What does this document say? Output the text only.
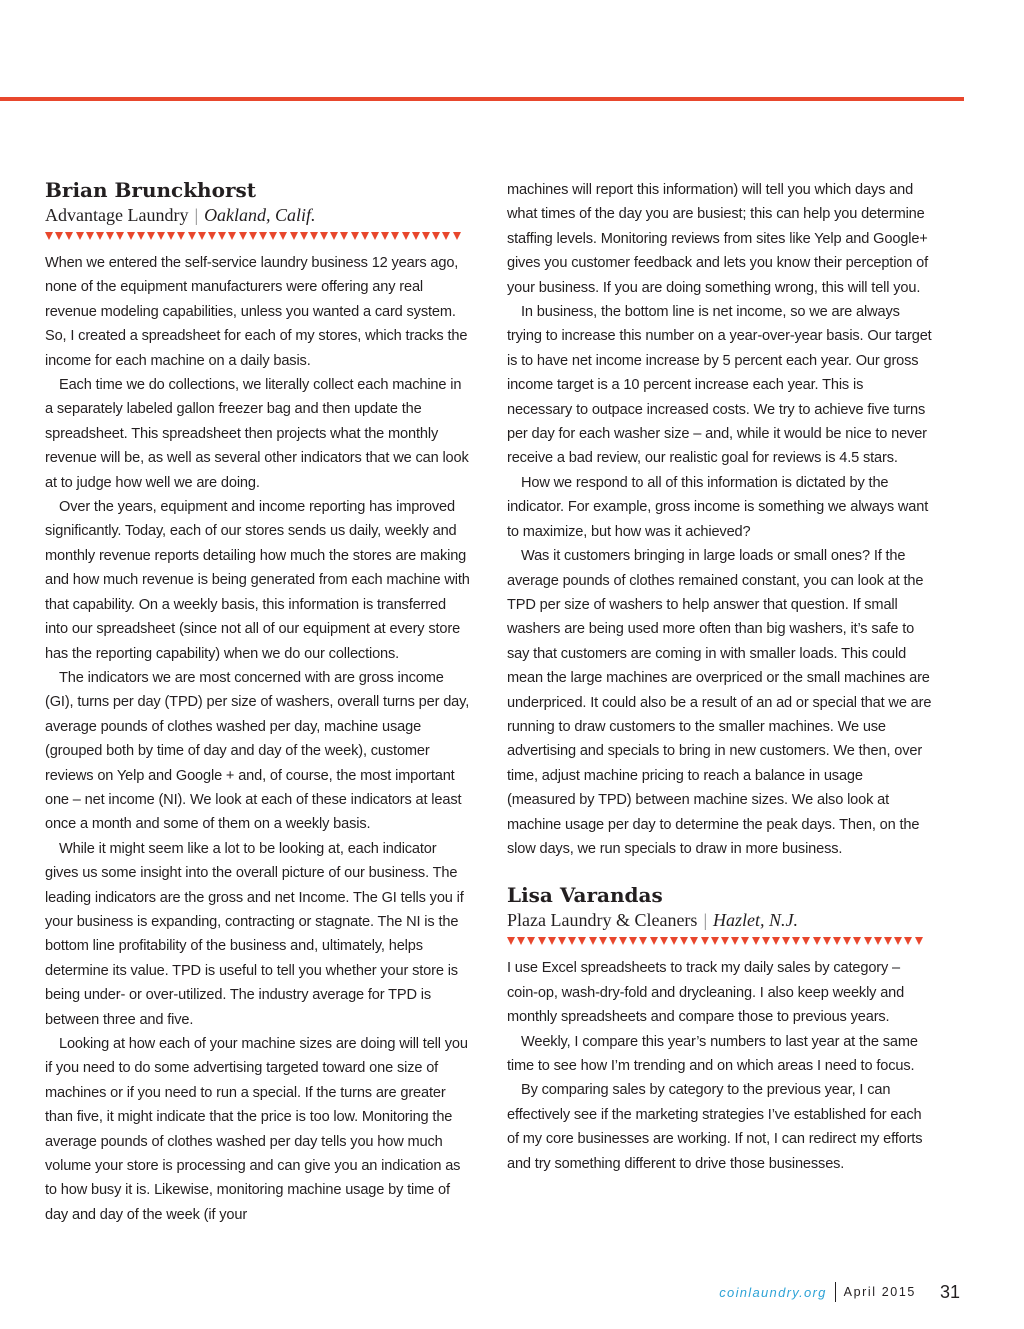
Brian Brunckhorst
Advantage Laundry | Oakland, Calif.

When we entered the self-service laundry business 12 years ago, none of the equipment manufacturers were offering any real revenue modeling capabilities, unless you wanted a card system. So, I created a spreadsheet for each of my stores, which tracks the income for each machine on a daily basis.

Each time we do collections, we literally collect each machine in a separately labeled gallon freezer bag and then update the spreadsheet. This spreadsheet then projects what the monthly revenue will be, as well as several other indicators that we can look at to judge how well we are doing.

Over the years, equipment and income reporting has improved significantly. Today, each of our stores sends us daily, weekly and monthly revenue reports detailing how much the stores are making and how much revenue is being generated from each machine with that capability. On a weekly basis, this information is transferred into our spreadsheet (since not all of our equipment at every store has the reporting capability) when we do our collections.

The indicators we are most concerned with are gross income (GI), turns per day (TPD) per size of washers, overall turns per day, average pounds of clothes washed per day, machine usage (grouped both by time of day and day of the week), customer reviews on Yelp and Google + and, of course, the most important one – net income (NI). We look at each of these indicators at least once a month and some of them on a weekly basis.

While it might seem like a lot to be looking at, each indicator gives us some insight into the overall picture of our business. The leading indicators are the gross and net Income. The GI tells you if your business is expanding, contracting or stagnate. The NI is the bottom line profitability of the business and, ultimately, helps determine its value. TPD is useful to tell you whether your store is being under- or over-utilized. The industry average for TPD is between three and five.

Looking at how each of your machine sizes are doing will tell you if you need to do some advertising targeted toward one size of machines or if you need to run a special. If the turns are greater than five, it might indicate that the price is too low. Monitoring the average pounds of clothes washed per day tells you how much volume your store is processing and can give you an indication as to how busy it is. Likewise, monitoring machine usage by time of day and day of the week (if your

machines will report this information) will tell you which days and what times of the day you are busiest; this can help you determine staffing levels. Monitoring reviews from sites like Yelp and Google+ gives you customer feedback and lets you know their perception of your business. If you are doing something wrong, this will tell you.

In business, the bottom line is net income, so we are always trying to increase this number on a year-over-year basis. Our target is to have net income increase by 5 percent each year. Our gross income target is a 10 percent increase each year. This is necessary to outpace increased costs. We try to achieve five turns per day for each washer size – and, while it would be nice to never receive a bad review, our realistic goal for reviews is 4.5 stars.

How we respond to all of this information is dictated by the indicator. For example, gross income is something we always want to maximize, but how was it achieved?

Was it customers bringing in large loads or small ones? If the average pounds of clothes remained constant, you can look at the TPD per size of washers to help answer that question. If small washers are being used more often than big washers, it’s safe to say that customers are coming in with smaller loads. This could mean the large machines are overpriced or the small machines are underpriced. It could also be a result of an ad or special that we are running to draw customers to the smaller machines. We use advertising and specials to bring in new customers. We then, over time, adjust machine pricing to reach a balance in usage (measured by TPD) between machine sizes. We also look at machine usage per day to determine the peak days. Then, on the slow days, we run specials to draw in more business.

Lisa Varandas
Plaza Laundry & Cleaners | Hazlet, N.J.

I use Excel spreadsheets to track my daily sales by category – coin-op, wash-dry-fold and drycleaning. I also keep weekly and monthly spreadsheets and compare those to previous years.

Weekly, I compare this year’s numbers to last year at the same time to see how I’m trending and on which areas I need to focus.

By comparing sales by category to the previous year, I can effectively see if the marketing strategies I’ve established for each of my core businesses are working. If not, I can redirect my efforts and try something different to drive those businesses.

coinlaundry.org April 2015 31
